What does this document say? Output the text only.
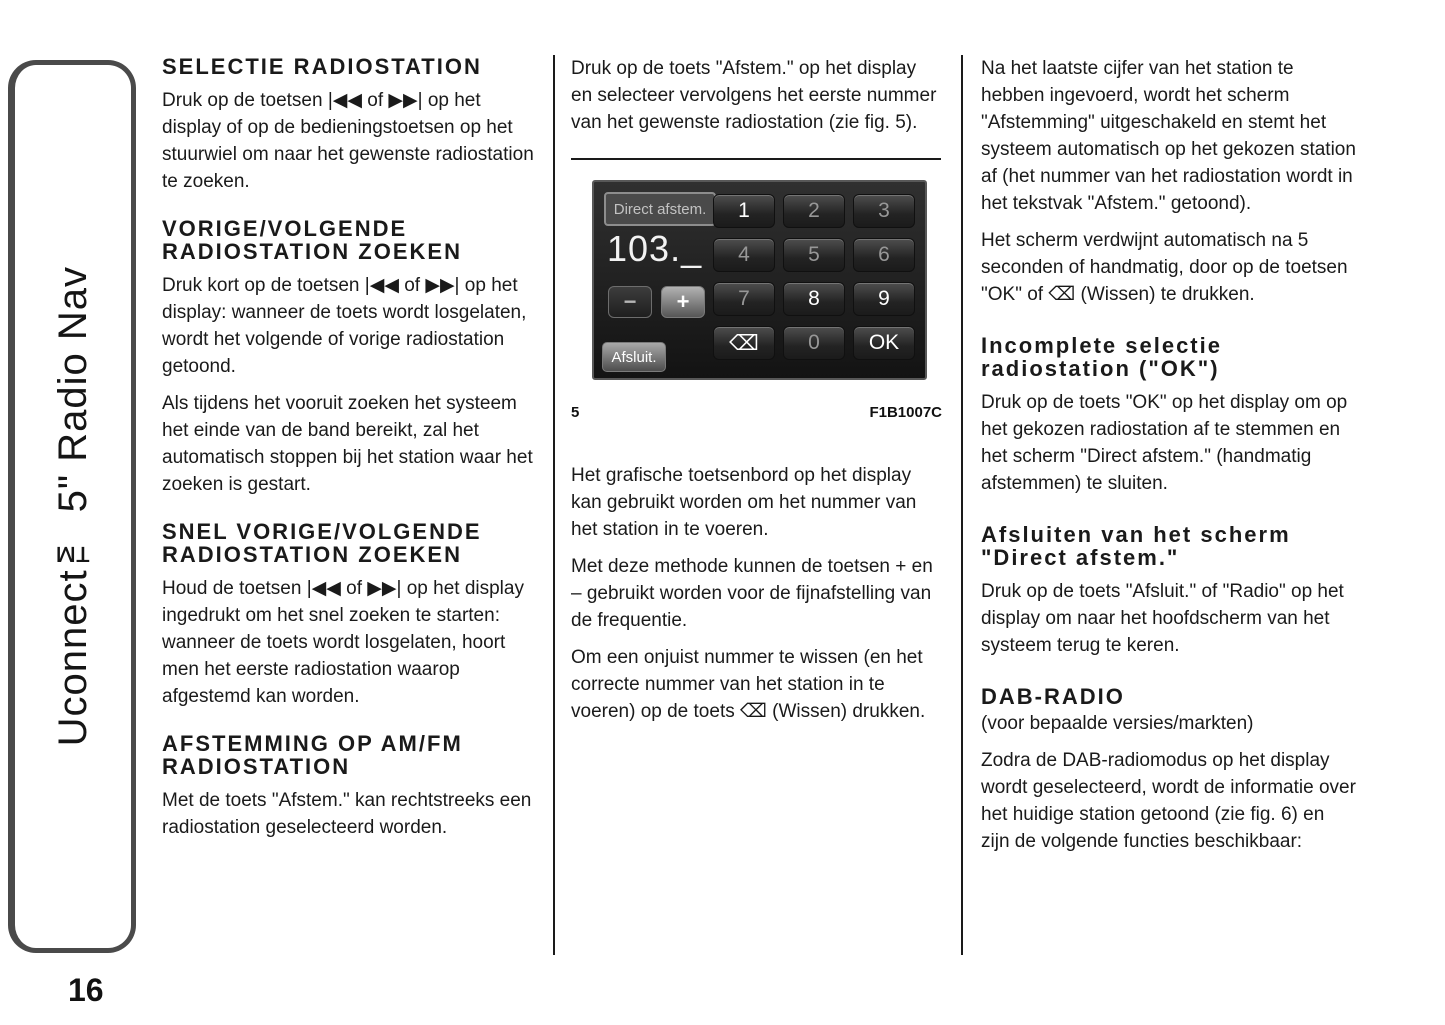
Uconnect™ 5" Radio Nav
16
SELECTIE RADIOSTATION

Druk op de toetsen |◀◀ of ▶▶| op het display of op de bedieningstoetsen op het stuurwiel om naar het gewenste radiostation te zoeken.

VORIGE/VOLGENDE RADIOSTATION ZOEKEN

Druk kort op de toetsen |◀◀ of ▶▶| op het display: wanneer de toets wordt losgelaten, wordt het volgende of vorige radiostation getoond.

Als tijdens het vooruit zoeken het systeem het einde van de band bereikt, zal het automatisch stoppen bij het station waar het zoeken is gestart.

SNEL VORIGE/VOLGENDE RADIOSTATION ZOEKEN

Houd de toetsen |◀◀ of ▶▶| op het display ingedrukt om het snel zoeken te starten: wanneer de toets wordt losgelaten, hoort men het eerste radiostation waarop afgestemd kan worden.

AFSTEMMING OP AM/FM RADIOSTATION

Met de toets "Afstem." kan rechtstreeks een radiostation geselecteerd worden.

Druk op de toets "Afstem." op het display en selecteer vervolgens het eerste nummer van het gewenste radiostation (zie fig. 5).

Direct afstem.
103._
−	+
Afsluit.
1	2	3
4	5	6
7	8	9
⌫	0	OK
5	F1B1007C

Het grafische toetsenbord op het display kan gebruikt worden om het nummer van het station in te voeren.

Met deze methode kunnen de toetsen + en – gebruikt worden voor de fijnafstelling van de frequentie.

Om een onjuist nummer te wissen (en het correcte nummer van het station in te voeren) op de toets ⌫ (Wissen) drukken.

Na het laatste cijfer van het station te hebben ingevoerd, wordt het scherm "Afstemming" uitgeschakeld en stemt het systeem automatisch op het gekozen station af (het nummer van het radiostation wordt in het tekstvak "Afstem." getoond).

Het scherm verdwijnt automatisch na 5 seconden of handmatig, door op de toetsen "OK" of ⌫ (Wissen) te drukken.

Incomplete selectie radiostation ("OK")

Druk op de toets "OK" op het display om op het gekozen radiostation af te stemmen en het scherm "Direct afstem." (handmatig afstemmen) te sluiten.

Afsluiten van het scherm "Direct afstem."

Druk op de toets "Afsluit." of "Radio" op het display om naar het hoofdscherm van het systeem terug te keren.

DAB-RADIO
(voor bepaalde versies/markten)

Zodra de DAB-radiomodus op het display wordt geselecteerd, wordt de informatie over het huidige station getoond (zie fig. 6) en zijn de volgende functies beschikbaar:
